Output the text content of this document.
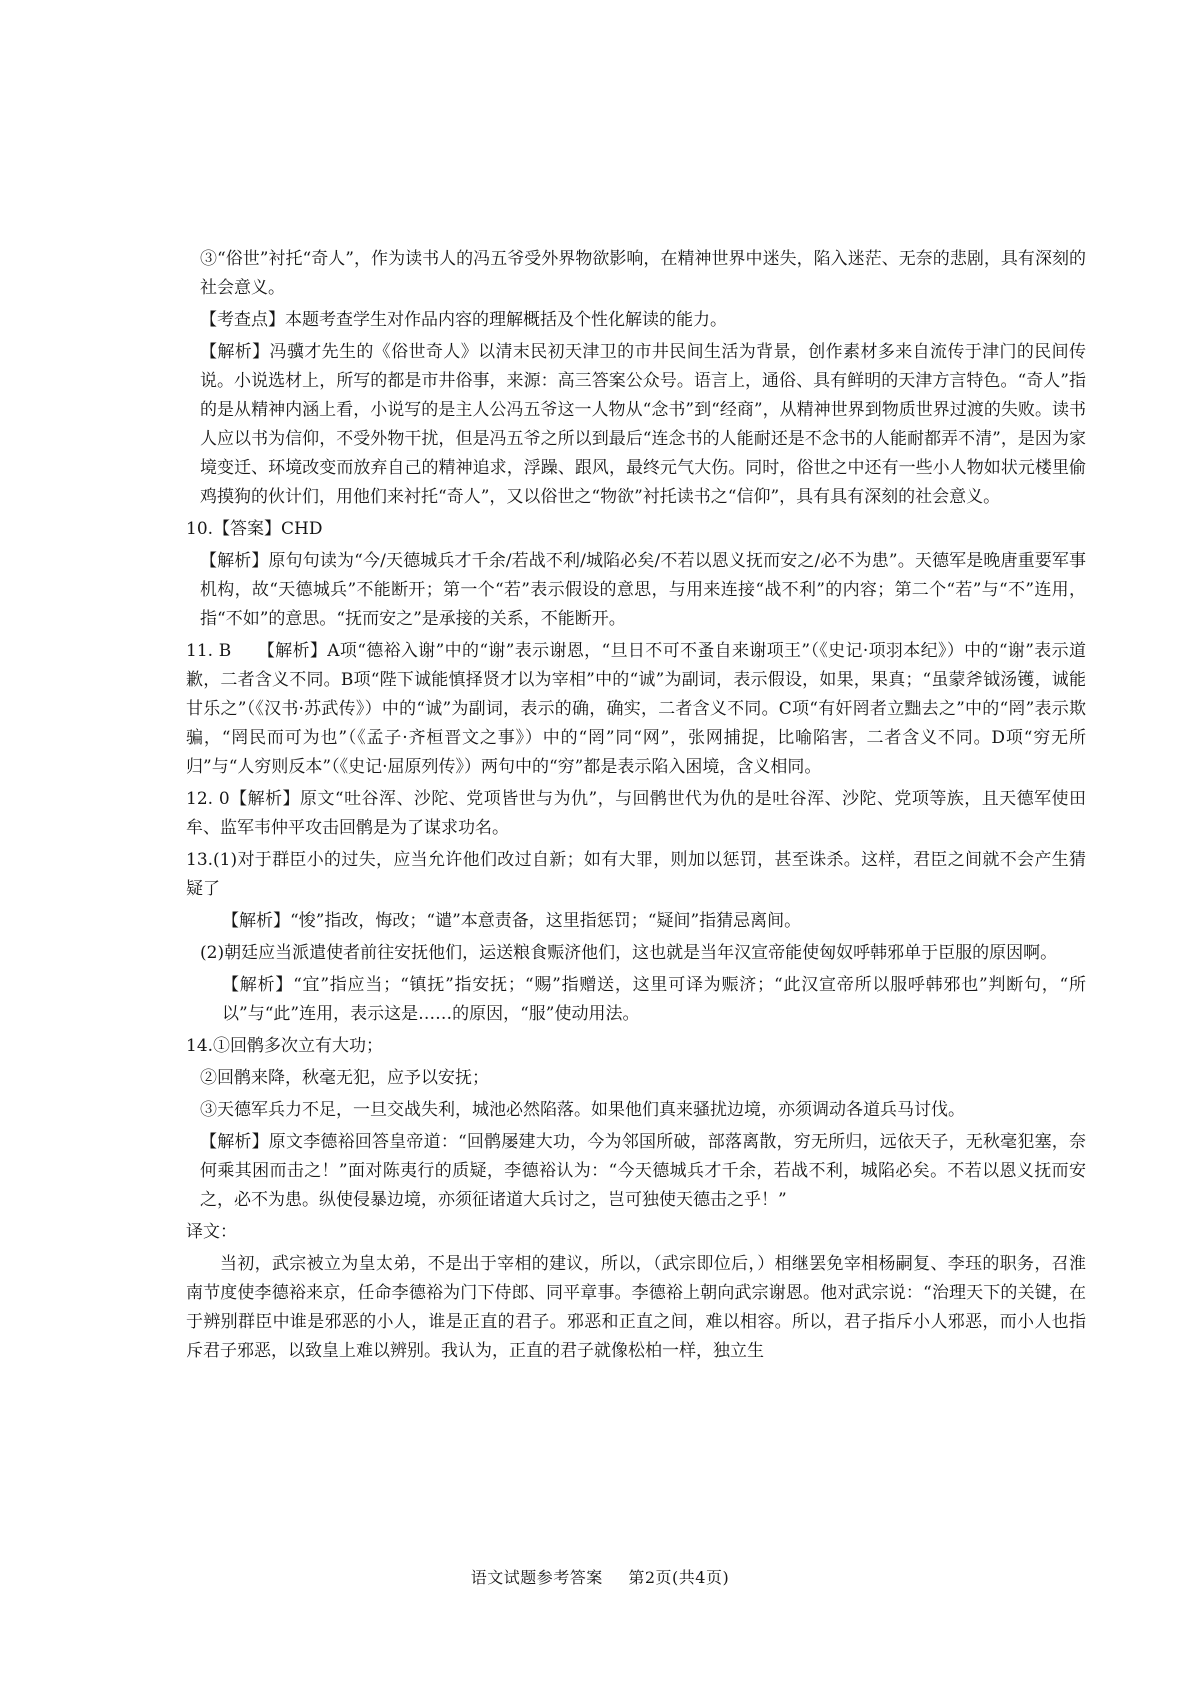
③“俗世”衬托“奇人”，作为读书人的冯五爷受外界物欲影响，在精神世界中迷失，陷入迷茫、无奈的悲剧，具有深刻的社会意义。

【考查点】本题考查学生对作品内容的理解概括及个性化解读的能力。

【解析】冯骥才先生的《俗世奇人》以清末民初天津卫的市井民间生活为背景，创作素材多来自流传于津门的民间传说。小说选材上，所写的都是市井俗事，来源：高三答案公众号。语言上，通俗、具有鲜明的天津方言特色。“奇人”指的是从精神内涵上看，小说写的是主人公冯五爷这一人物从“念书”到“经商”，从精神世界到物质世界过渡的失败。读书人应以书为信仰，不受外物干扰，但是冯五爷之所以到最后“连念书的人能耐还是不念书的人能耐都弄不清”，是因为家境变迁、环境改变而放弃自己的精神追求，浮躁、跟风，最终元气大伤。同时，俗世之中还有一些小人物如状元楼里偷鸡摸狗的伙计们，用他们来衬托“奇人”，又以俗世之“物欲”衬托读书之“信仰”，具有具有深刻的社会意义。

10.【答案】CHD

【解析】原句句读为“今/天德城兵才千余/若战不利/城陷必矣/不若以恩义抚而安之/必不为患”。天德军是晚唐重要军事机构，故“天德城兵”不能断开；第一个“若”表示假设的意思，与用来连接“战不利”的内容；第二个“若”与“不”连用，指“不如”的意思。“抚而安之”是承接的关系，不能断开。

11. B　　【解析】A项“德裕入谢”中的“谢”表示谢恩，“旦日不可不蚤自来谢项王”（《史记·项羽本纪》）中的“谢”表示道歉，二者含义不同。B项“陛下诚能慎择贤才以为宰相”中的“诚”为副词，表示假设，如果，果真；“虽蒙斧钺汤镬，诚能甘乐之”（《汉书·苏武传》）中的“诚”为副词，表示的确，确实，二者含义不同。C项“有奸罔者立黜去之”中的“罔”表示欺骗，“罔民而可为也”（《孟子·齐桓晋文之事》）中的“罔”同“网”，张网捕捉，比喻陷害，二者含义不同。D项“穷无所归”与“人穷则反本”（《史记·屈原列传》）两句中的“穷”都是表示陷入困境，含义相同。

12. 0【解析】原文“吐谷浑、沙陀、党项皆世与为仇”，与回鹘世代为仇的是吐谷浑、沙陀、党项等族，且天德军使田牟、监军韦仲平攻击回鹘是为了谋求功名。

13.(1)对于群臣小的过失，应当允许他们改过自新；如有大罪，则加以惩罚，甚至诛杀。这样，君臣之间就不会产生猜疑了

【解析】“悛”指改，悔改；“谴”本意责备，这里指惩罚；“疑间”指猜忌离间。

(2)朝廷应当派遣使者前往安抚他们，运送粮食赈济他们，这也就是当年汉宣帝能使匈奴呼韩邪单于臣服的原因啊。

【解析】“宜”指应当；“镇抚”指安抚；“赐”指赠送，这里可译为赈济；“此汉宣帝所以服呼韩邪也”判断句，“所以”与“此”连用，表示这是……的原因，“服”使动用法。

14.①回鹘多次立有大功；

②回鹘来降，秋毫无犯，应予以安抚；

③天德军兵力不足，一旦交战失利，城池必然陷落。如果他们真来骚扰边境，亦须调动各道兵马讨伐。

【解析】原文李德裕回答皇帝道：“回鹘屡建大功，今为邻国所破，部落离散，穷无所归，远依天子，无秋毫犯塞，奈何乘其困而击之！”面对陈夷行的质疑，李德裕认为：“今天德城兵才千余，若战不利，城陷必矣。不若以恩义抚而安之，必不为患。纵使侵暴边境，亦须征诸道大兵讨之，岂可独使天德击之乎！”

译文：

当初，武宗被立为皇太弟，不是出于宰相的建议，所以，（武宗即位后，）相继罢免宰相杨嗣复、李珏的职务，召淮南节度使李德裕来京，任命李德裕为门下侍郎、同平章事。李德裕上朝向武宗谢恩。他对武宗说：“治理天下的关键，在于辨别群臣中谁是邪恶的小人，谁是正直的君子。邪恶和正直之间，难以相容。所以，君子指斥小人邪恶，而小人也指斥君子邪恶，以致皇上难以辨别。我认为，正直的君子就像松柏一样，独立生

语文试题参考答案 第2页(共4页)
